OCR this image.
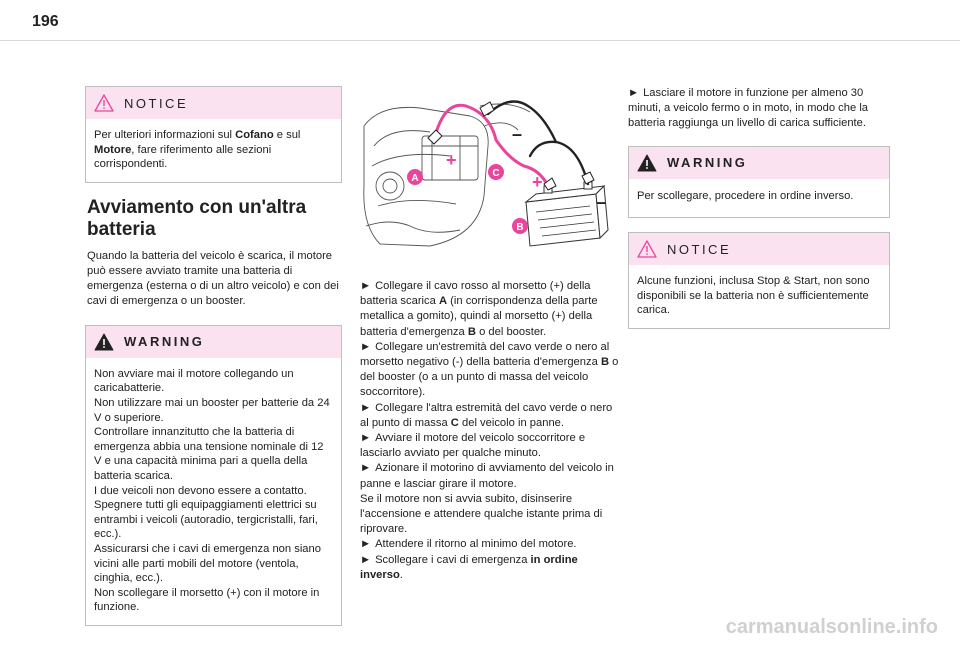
196
NOTICE
Per ulteriori informazioni sul Cofano e sul Motore, fare riferimento alle sezioni corrispondenti.
Avviamento con un'altra batteria

Quando la batteria del veicolo è scarica, il motore può essere avviato tramite una batteria di emergenza (esterna o di un altro veicolo) e con dei cavi di emergenza o un booster.

WARNING
Non avviare mai il motore collegando un caricabatterie.
Non utilizzare mai un booster per batterie da 24 V o superiore.
Controllare innanzitutto che la batteria di emergenza abbia una tensione nominale di 12 V e una capacità minima pari a quella della batteria scarica.
I due veicoli non devono essere a contatto.
Spegnere tutti gli equipaggiamenti elettrici su entrambi i veicoli (autoradio, tergicristalli, fari, ecc.).
Assicurarsi che i cavi di emergenza non siano vicini alle parti mobili del motore (ventola, cinghia, ecc.).
Non scollegare il morsetto (+) con il motore in funzione.
+
+
–
–
A	C
B
► Collegare il cavo rosso al morsetto (+) della batteria scarica A (in corrispondenza della parte metallica a gomito), quindi al morsetto (+) della batteria d'emergenza B o del booster.
► Collegare un'estremità del cavo verde o nero al morsetto negativo (-) della batteria d'emergenza B o del booster (o a un punto di massa del veicolo soccorritore).
► Collegare l'altra estremità del cavo verde o nero al punto di massa C del veicolo in panne.
► Avviare il motore del veicolo soccorritore e lasciarlo avviato per qualche minuto.
► Azionare il motorino di avviamento del veicolo in panne e lasciar girare il motore.
Se il motore non si avvia subito, disinserire l'accensione e attendere qualche istante prima di riprovare.
► Attendere il ritorno al minimo del motore.
► Scollegare i cavi di emergenza in ordine inverso.
► Lasciare il motore in funzione per almeno 30 minuti, a veicolo fermo o in moto, in modo che la batteria raggiunga un livello di carica sufficiente.
WARNING
Per scollegare, procedere in ordine inverso.
NOTICE
Alcune funzioni, inclusa Stop & Start, non sono disponibili se la batteria non è sufficientemente carica.
carmanualsonline.info
